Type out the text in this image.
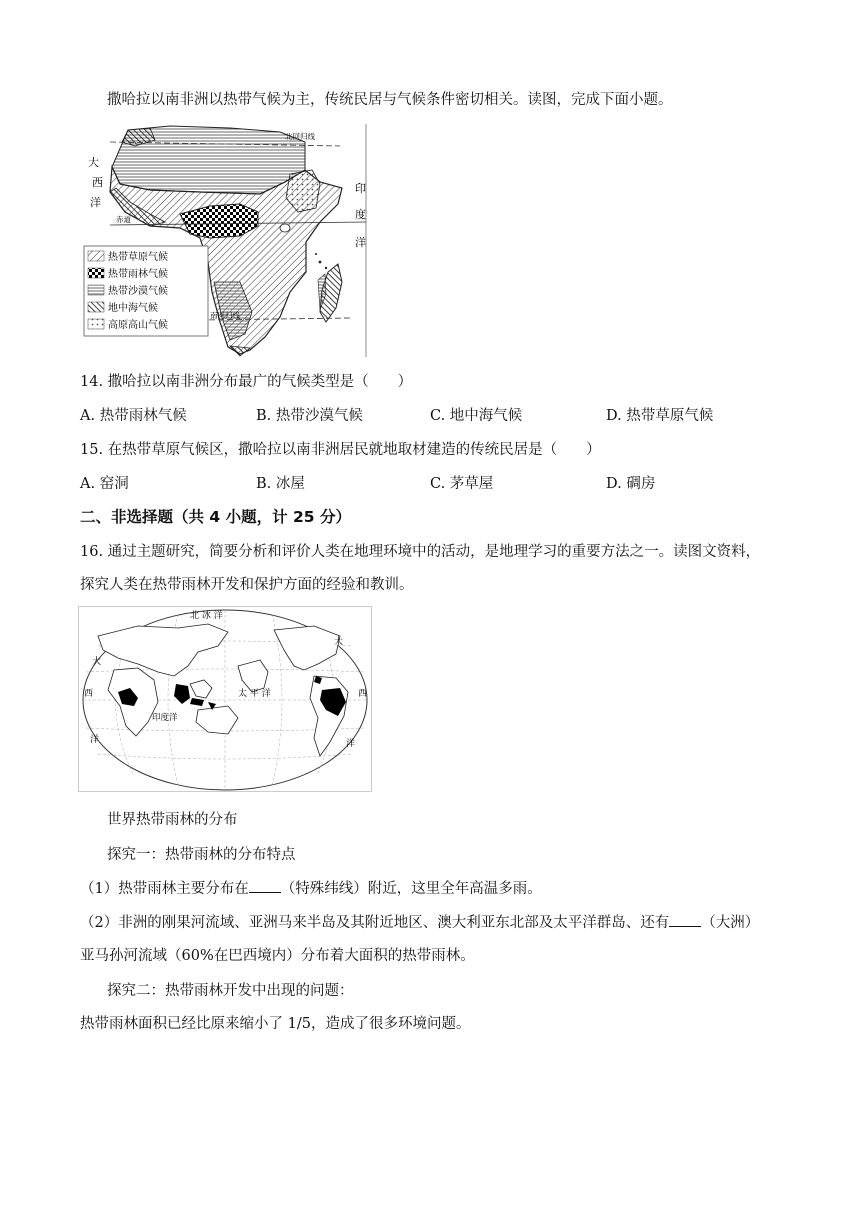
撒哈拉以南非洲以热带气候为主，传统民居与气候条件密切相关。读图，完成下面小题。
热带草原气候
热带雨林气候
热带沙漠气候
地中海气候
高原高山气候
大
西
洋
印
度
洋
北回归线
赤道
南回归线
14. 撒哈拉以南非洲分布最广的气候类型是（　　）
A. 热带雨林气候	B. 热带沙漠气候	C. 地中海气候	D. 热带草原气候
15. 在热带草原气候区，撒哈拉以南非洲居民就地取材建造的传统民居是（　　）
A. 窑洞	B. 冰屋	C. 茅草屋	D. 碉房
二、非选择题（共 4 小题，计 25 分）
16. 通过主题研究，简要分析和评价人类在地理环境中的活动，是地理学习的重要方法之一。读图文资料，
探究人类在热带雨林开发和保护方面的经验和教训。
北 冰 洋
太 平 洋
印度洋
大
西
洋
大
西
洋
世界热带雨林的分布
探究一：热带雨林的分布特点
（1）热带雨林主要分布在 （特殊纬线）附近，这里全年高温多雨。
（2）非洲的刚果河流域、亚洲马来半岛及其附近地区、澳大利亚东北部及太平洋群岛、还有 （大洲）
亚马孙河流域（60%在巴西境内）分布着大面积的热带雨林。
探究二：热带雨林开发中出现的问题：
热带雨林面积已经比原来缩小了 1/5，造成了很多环境问题。
